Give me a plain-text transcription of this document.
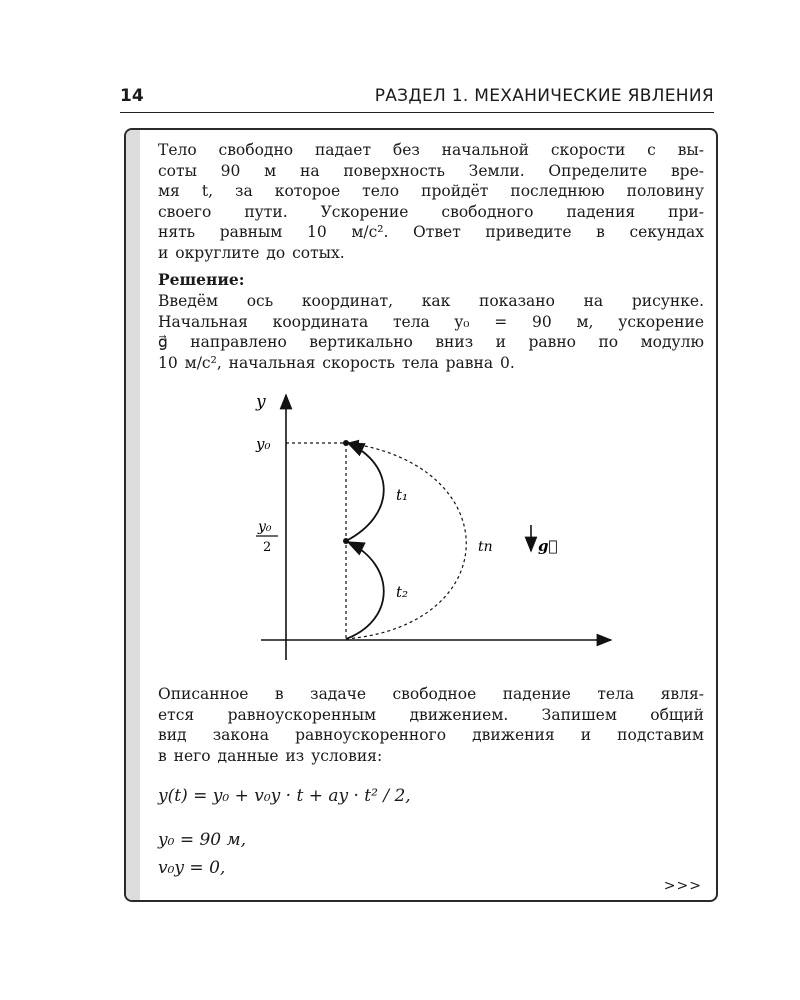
14	РАЗДЕЛ 1. МЕХАНИЧЕСКИЕ ЯВЛЕНИЯ
Тело свободно падает без начальной скорости с вы-
соты 90 м на поверхность Земли. Определите вре-
мя t, за которое тело пройдёт последнюю половину
своего пути. Ускорение свободного падения при-
нять равным 10 м/с². Ответ приведите в секундах
и округлите до сотых.
Решение:
Введём ось координат, как показано на рисунке.
Начальная координата тела y₀ = 90 м, ускорение
g⃗ направлено вертикально вниз и равно по модулю
10 м/с², начальная скорость тела равна 0.
y
y₀
y₀
2
t₁
t₂
tп	g⃗
Описанное в задаче свободное падение тела явля-
ется равноускоренным движением. Запишем общий
вид закона равноускоренного движения и подставим
в него данные из условия:
y(t) = y₀ + v₀y · t + ay · t² / 2,
y₀ = 90 м,
v₀y = 0,
>>>
